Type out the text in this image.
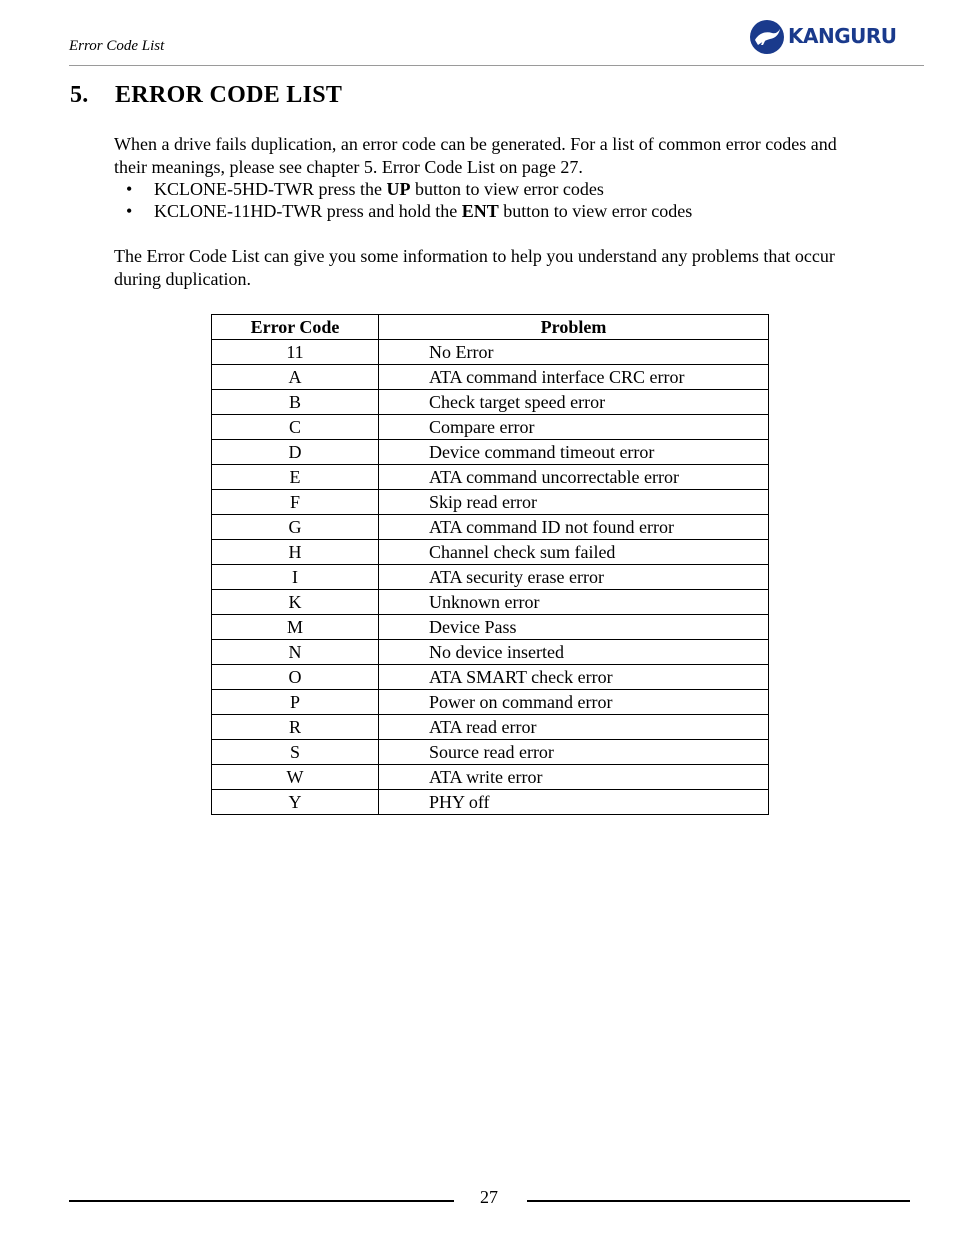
Error Code List	KANGURU
5. ERROR CODE LIST
When a drive fails duplication, an error code can be generated. For a list of common error codes and their meanings, please see chapter 5. Error Code List on page 27.
• KCLONE-5HD-TWR press the UP button to view error codes
• KCLONE-11HD-TWR press and hold the ENT button to view error codes
The Error Code List can give you some information to help you understand any problems that occur during duplication.
Error Code	Problem
11	No Error
A	ATA command interface CRC error
B	Check target speed error
C	Compare error
D	Device command timeout error
E	ATA command uncorrectable error
F	Skip read error
G	ATA command ID not found error
H	Channel check sum failed
I	ATA security erase error
K	Unknown error
M	Device Pass
N	No device inserted
O	ATA SMART check error
P	Power on command error
R	ATA read error
S	Source read error
W	ATA write error
Y	PHY off
27
